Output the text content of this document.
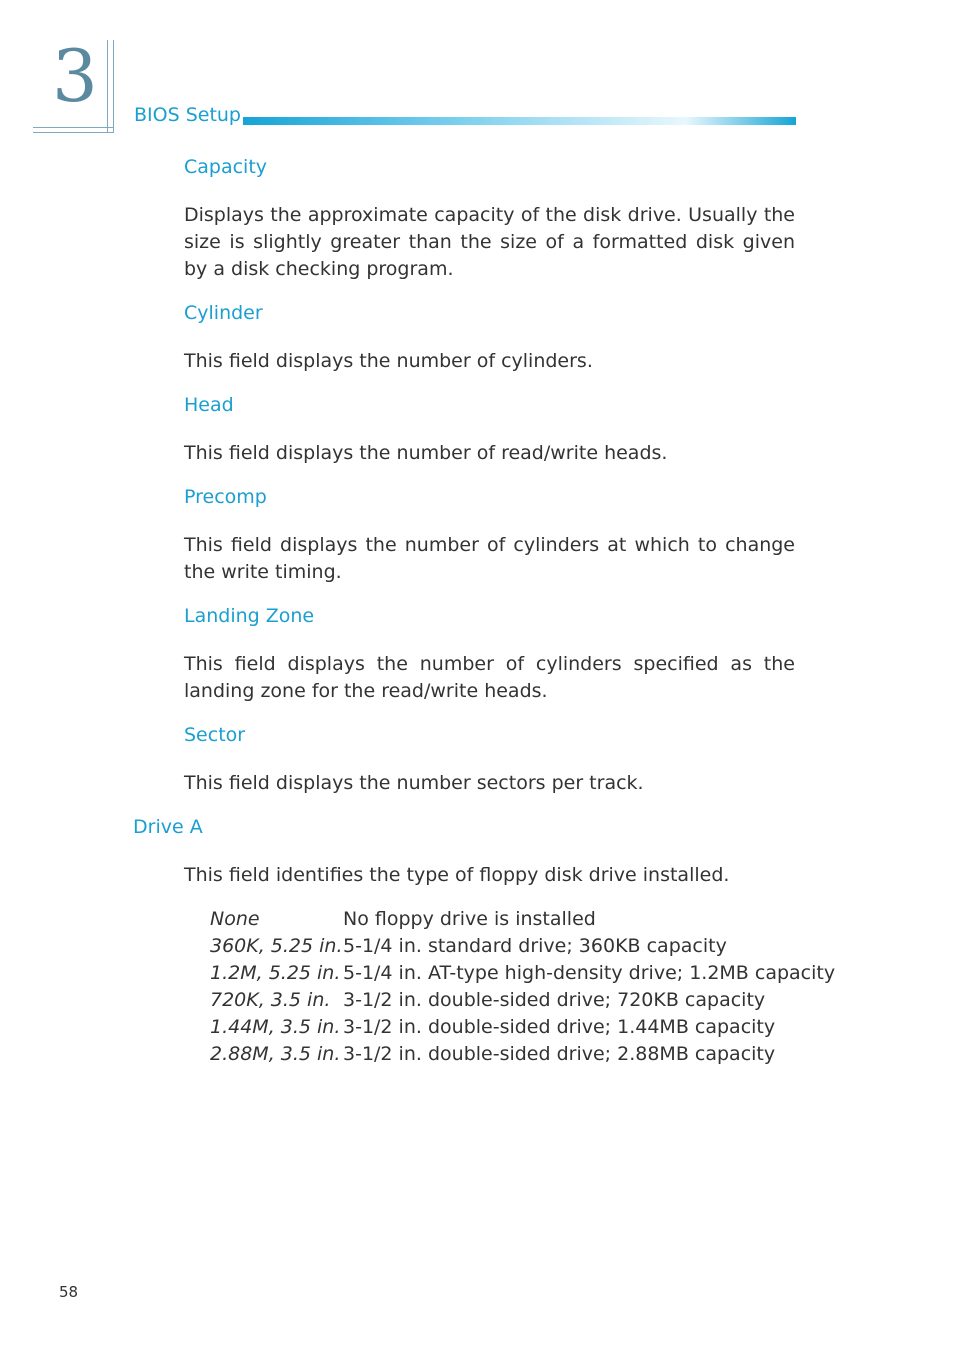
3 BIOS Setup
Capacity
Displays the approximate capacity of the disk drive. Usually the size is slightly greater than the size of a formatted disk given by a disk checking program.
Cylinder
This field displays the number of cylinders.
Head
This field displays the number of read/write heads.
Precomp
This field displays the number of cylinders at which to change the write timing.
Landing Zone
This field displays the number of cylinders specified as the landing zone for the read/write heads.
Sector
This field displays the number sectors per track.
Drive A
This field identifies the type of floppy disk drive installed.
None	No floppy drive is installed
360K, 5.25 in. 5-1/4 in. standard drive; 360KB capacity
1.2M, 5.25 in. 5-1/4 in. AT-type high-density drive; 1.2MB capacity
720K, 3.5 in. 3-1/2 in. double-sided drive; 720KB capacity
1.44M, 3.5 in. 3-1/2 in. double-sided drive; 1.44MB capacity
2.88M, 3.5 in. 3-1/2 in. double-sided drive; 2.88MB capacity
58
